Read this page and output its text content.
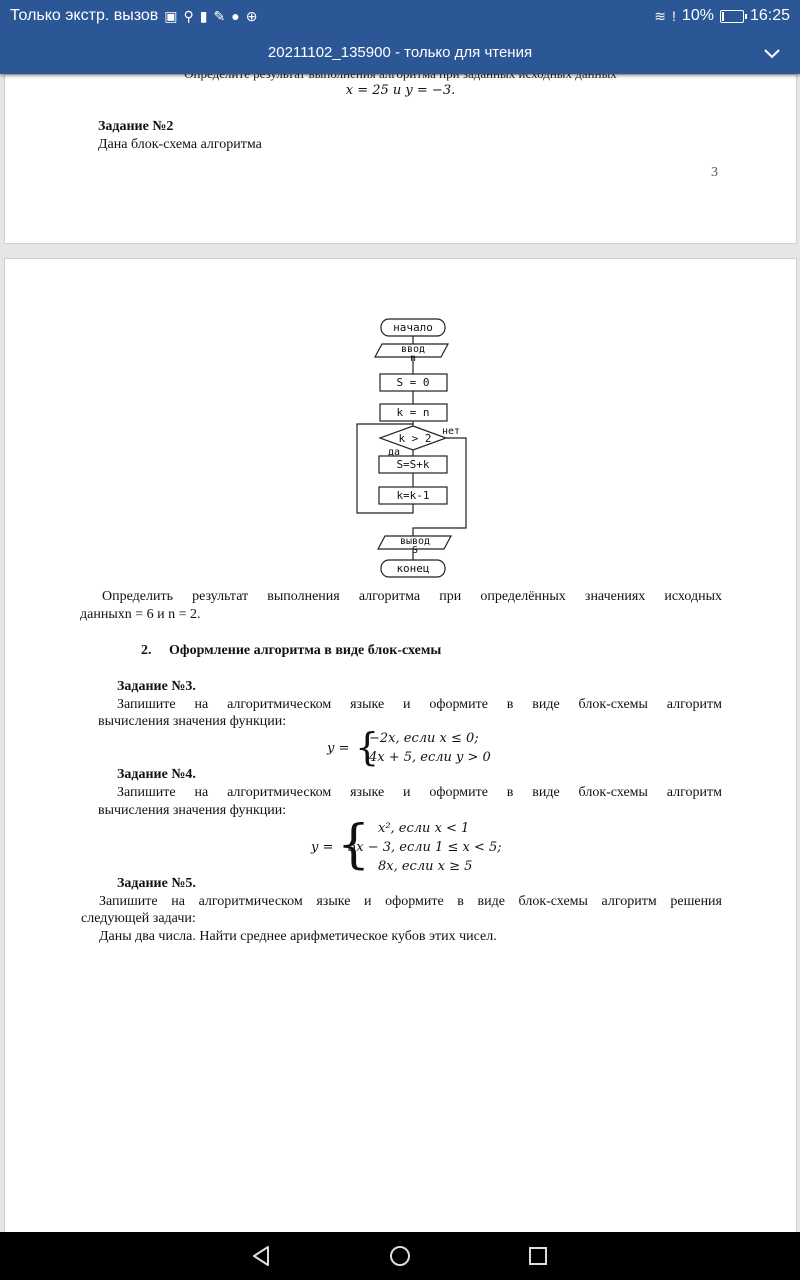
Только экстр. вызов ▣ ⚲ ▮ ✎ ● ⊕	≋ ! 10% 16:25
20211102_135900 - только для чтения
x = 25 и y = −3.
Задание №2
Дана блок-схема алгоритма
3
начало
ввод
n
S = 0
k = n
k > 2
нет
да
S=S+k
k=k-1
вывод
S
конец
Определить результат выполнения алгоритма при определённых значениях исходных
данныхn = 6 и n = 2.
2.     Оформление алгоритма в виде блок-схемы
Задание №3.
Запишите на алгоритмическом языке и оформите в виде блок-схемы алгоритм
вычисления значения функции:
y = {
−2x, если x ≤ 0;
4x + 5, если y > 0
Задание №4.
Запишите на алгоритмическом языке и оформите в виде блок-схемы алгоритм
вычисления значения функции:
y = { x², если x < 1
5x − 3, если 1 ≤ x < 5;
8x, если x ≥ 5
Задание №5.
Запишите на алгоритмическом языке и оформите в виде блок-схемы алгоритм решения
следующей задачи:
Даны два числа. Найти среднее арифметическое кубов этих чисел.
